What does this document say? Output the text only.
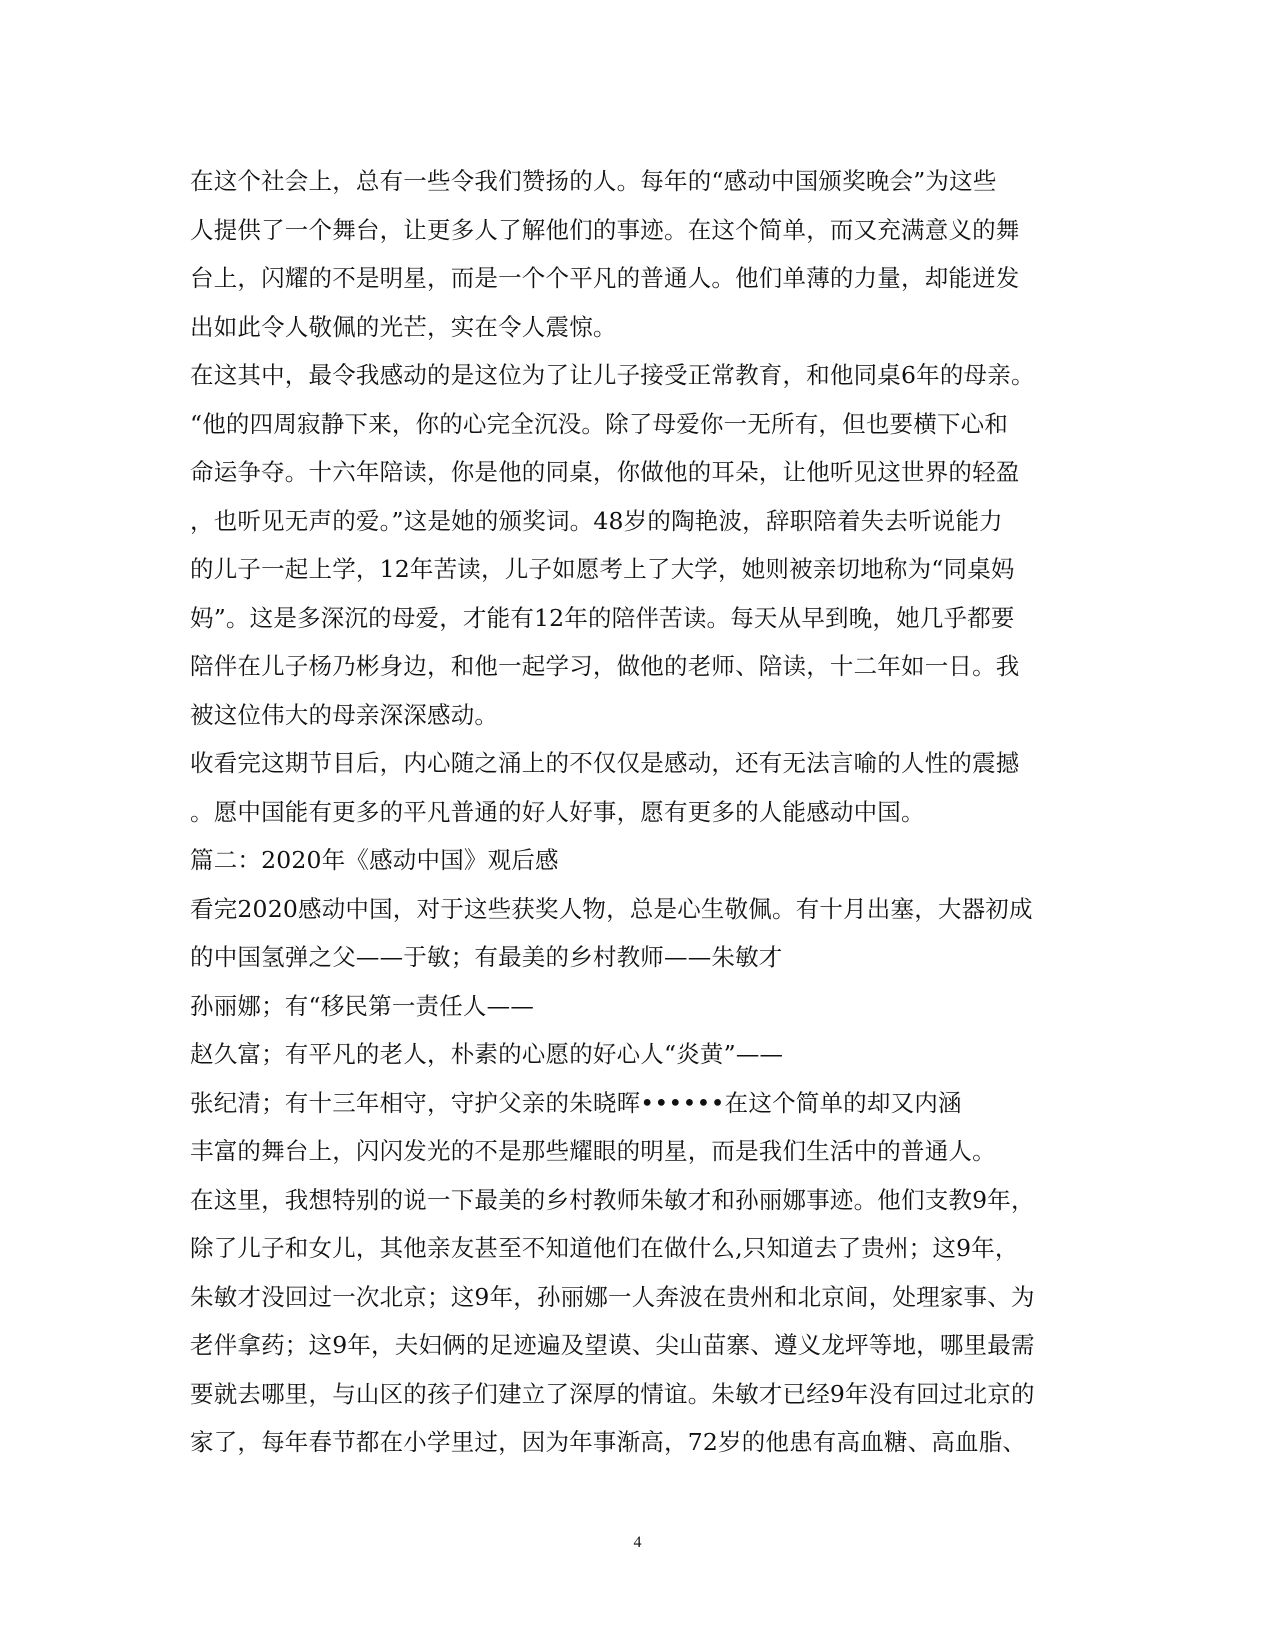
在这个社会上，总有一些令我们赞扬的人。每年的“感动中国颁奖晚会”为这些
人提供了一个舞台，让更多人了解他们的事迹。在这个简单，而又充满意义的舞
台上，闪耀的不是明星，而是一个个平凡的普通人。他们单薄的力量，却能迸发
出如此令人敬佩的光芒，实在令人震惊。
在这其中，最令我感动的是这位为了让儿子接受正常教育，和他同桌6年的母亲。
“他的四周寂静下来，你的心完全沉没。除了母爱你一无所有，但也要横下心和
命运争夺。十六年陪读，你是他的同桌，你做他的耳朵，让他听见这世界的轻盈
，也听见无声的爱。”这是她的颁奖词。48岁的陶艳波，辞职陪着失去听说能力
的儿子一起上学，12年苦读，儿子如愿考上了大学，她则被亲切地称为“同桌妈
妈”。这是多深沉的母爱，才能有12年的陪伴苦读。每天从早到晚，她几乎都要
陪伴在儿子杨乃彬身边，和他一起学习，做他的老师、陪读，十二年如一日。我
被这位伟大的母亲深深感动。
收看完这期节目后，内心随之涌上的不仅仅是感动，还有无法言喻的人性的震撼
。愿中国能有更多的平凡普通的好人好事，愿有更多的人能感动中国。
篇二：2020年《感动中国》观后感
看完2020感动中国，对于这些获奖人物，总是心生敬佩。有十月出塞，大器初成
的中国氢弹之父——于敏；有最美的乡村教师——朱敏才
孙丽娜；有“移民第一责任人——
赵久富；有平凡的老人，朴素的心愿的好心人“炎黄”——
张纪清；有十三年相守，守护父亲的朱晓晖••••••在这个简单的却又内涵
丰富的舞台上，闪闪发光的不是那些耀眼的明星，而是我们生活中的普通人。
在这里，我想特别的说一下最美的乡村教师朱敏才和孙丽娜事迹。他们支教9年，
除了儿子和女儿，其他亲友甚至不知道他们在做什么,只知道去了贵州；这9年，
朱敏才没回过一次北京；这9年，孙丽娜一人奔波在贵州和北京间，处理家事、为
老伴拿药；这9年，夫妇俩的足迹遍及望谟、尖山苗寨、遵义龙坪等地，哪里最需
要就去哪里，与山区的孩子们建立了深厚的情谊。朱敏才已经9年没有回过北京的
家了，每年春节都在小学里过，因为年事渐高，72岁的他患有高血糖、高血脂、
4
